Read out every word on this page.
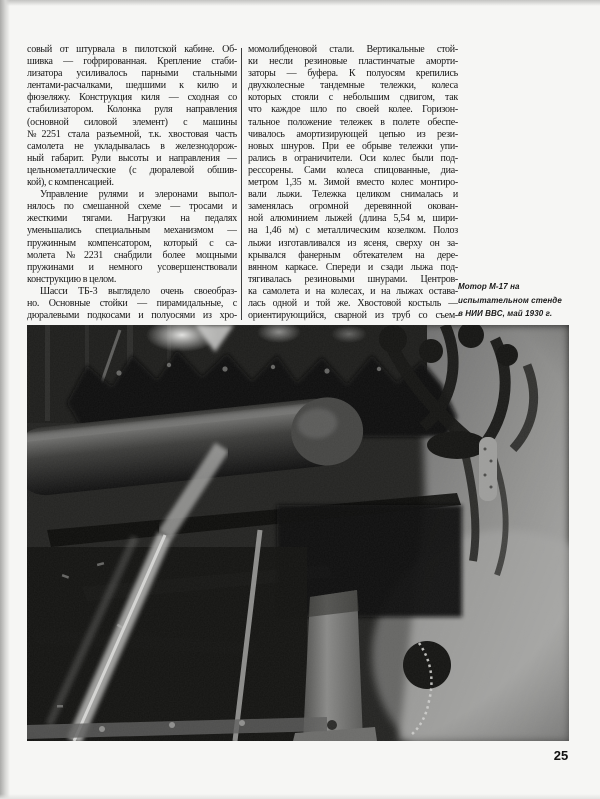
совый от штурвала в пилотской кабине. Об-
шивка — гофрированная. Крепление стаби-
лизатора усиливалось парными стальными
лентами-расчалками, шедшими к килю и
фюзеляжу. Конструкция киля — сходная со
стабилизатором. Колонка руля направления
(основной силовой элемент) с машины
№2251 стала разъемной, т.к. хвостовая часть
самолета не укладывалась в железнодорож-
ный габарит. Рули высоты и направления —
цельнометаллические (с дюралевой обшив-
кой), с компенсацией.
Управление рулями и элеронами выпол-
нялось по смешанной схеме — тросами и
жесткими тягами. Нагрузки на педалях
уменьшались специальным механизмом —
пружинным компенсатором, который с са-
молета №2231 снабдили более мощными
пружинами и немного усовершенствовали
конструкцию в целом.
Шасси ТБ-3 выглядело очень своеобраз-
но. Основные стойки — пирамидальные, с
дюралевыми подкосами и полуосями из хро-
момолибденовой стали. Вертикальные стой-
ки несли резиновые пластинчатые аморти-
заторы — буфера. К полуосям крепились
двухколесные тандемные тележки, колеса
которых стояли с небольшим сдвигом, так
что каждое шло по своей колее. Горизон-
тальное положение тележек в полете обеспе-
чивалось амортизирующей цепью из рези-
новых шнуров. При ее обрыве тележки упи-
рались в ограничители. Оси колес были под-
рессорены. Сами колеса спицованные, диа-
метром 1,35 м. Зимой вместо колес монтиро-
вали лыжи. Тележка целиком снималась и
заменялась огромной деревянной окован-
ной алюминием лыжей (длина 5,54 м, шири-
на 1,46 м) с металлическим козелком. Полоз
лыжи изготавливался из ясеня, сверху он за-
крывался фанерным обтекателем на дере-
вянном каркасе. Спереди и сзади лыжа под-
тягивалась резиновыми шнурами. Центров-
ка самолета и на колесах, и на лыжах остава-
лась одной и той же. Хвостовой костыль —
ориентирующийся, сварной из труб со съем-
Мотор М-17 на
испытательном стенде
в НИИ ВВС, май 1930 г.
25
